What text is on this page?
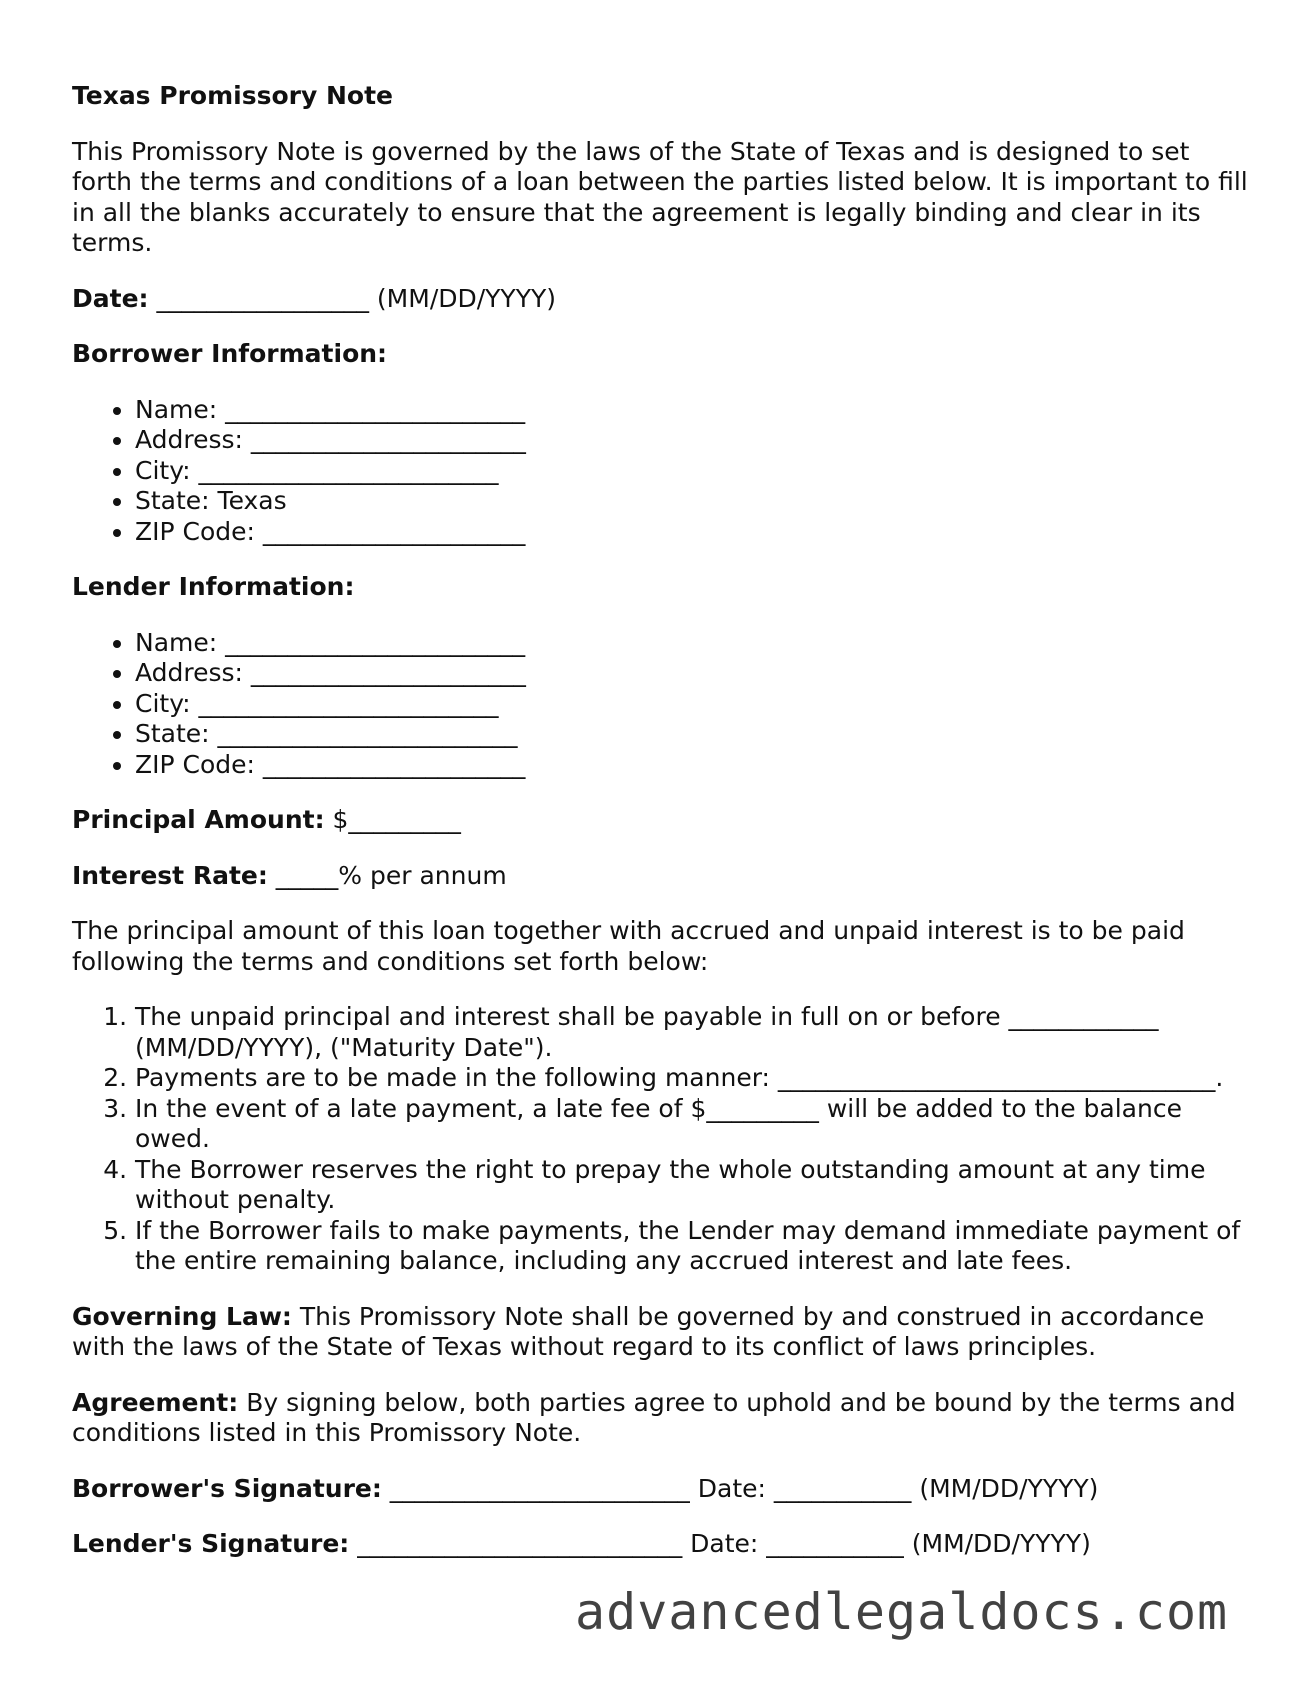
Texas Promissory Note

This Promissory Note is governed by the laws of the State of Texas and is designed to set forth the terms and conditions of a loan between the parties listed below. It is important to fill in all the blanks accurately to ensure that the agreement is legally binding and clear in its terms.

Date: _________________ (MM/DD/YYYY)

Borrower Information:

• Name: ________________________
• Address: ______________________
• City: ________________________
• State: Texas
• ZIP Code: _____________________

Lender Information:

• Name: ________________________
• Address: ______________________
• City: ________________________
• State: ________________________
• ZIP Code: _____________________

Principal Amount: $_________

Interest Rate: _____% per annum

The principal amount of this loan together with accrued and unpaid interest is to be paid following the terms and conditions set forth below:

1. The unpaid principal and interest shall be payable in full on or before ____________ (MM/DD/YYYY), ("Maturity Date").
2. Payments are to be made in the following manner: ___________________________________.
3. In the event of a late payment, a late fee of $_________ will be added to the balance owed.
4. The Borrower reserves the right to prepay the whole outstanding amount at any time without penalty.
5. If the Borrower fails to make payments, the Lender may demand immediate payment of the entire remaining balance, including any accrued interest and late fees.

Governing Law: This Promissory Note shall be governed by and construed in accordance with the laws of the State of Texas without regard to its conflict of laws principles.

Agreement: By signing below, both parties agree to uphold and be bound by the terms and conditions listed in this Promissory Note.

Borrower's Signature: ________________________ Date: ___________ (MM/DD/YYYY)
Lender's Signature: __________________________ Date: ___________ (MM/DD/YYYY)
advancedlegaldocs.com
